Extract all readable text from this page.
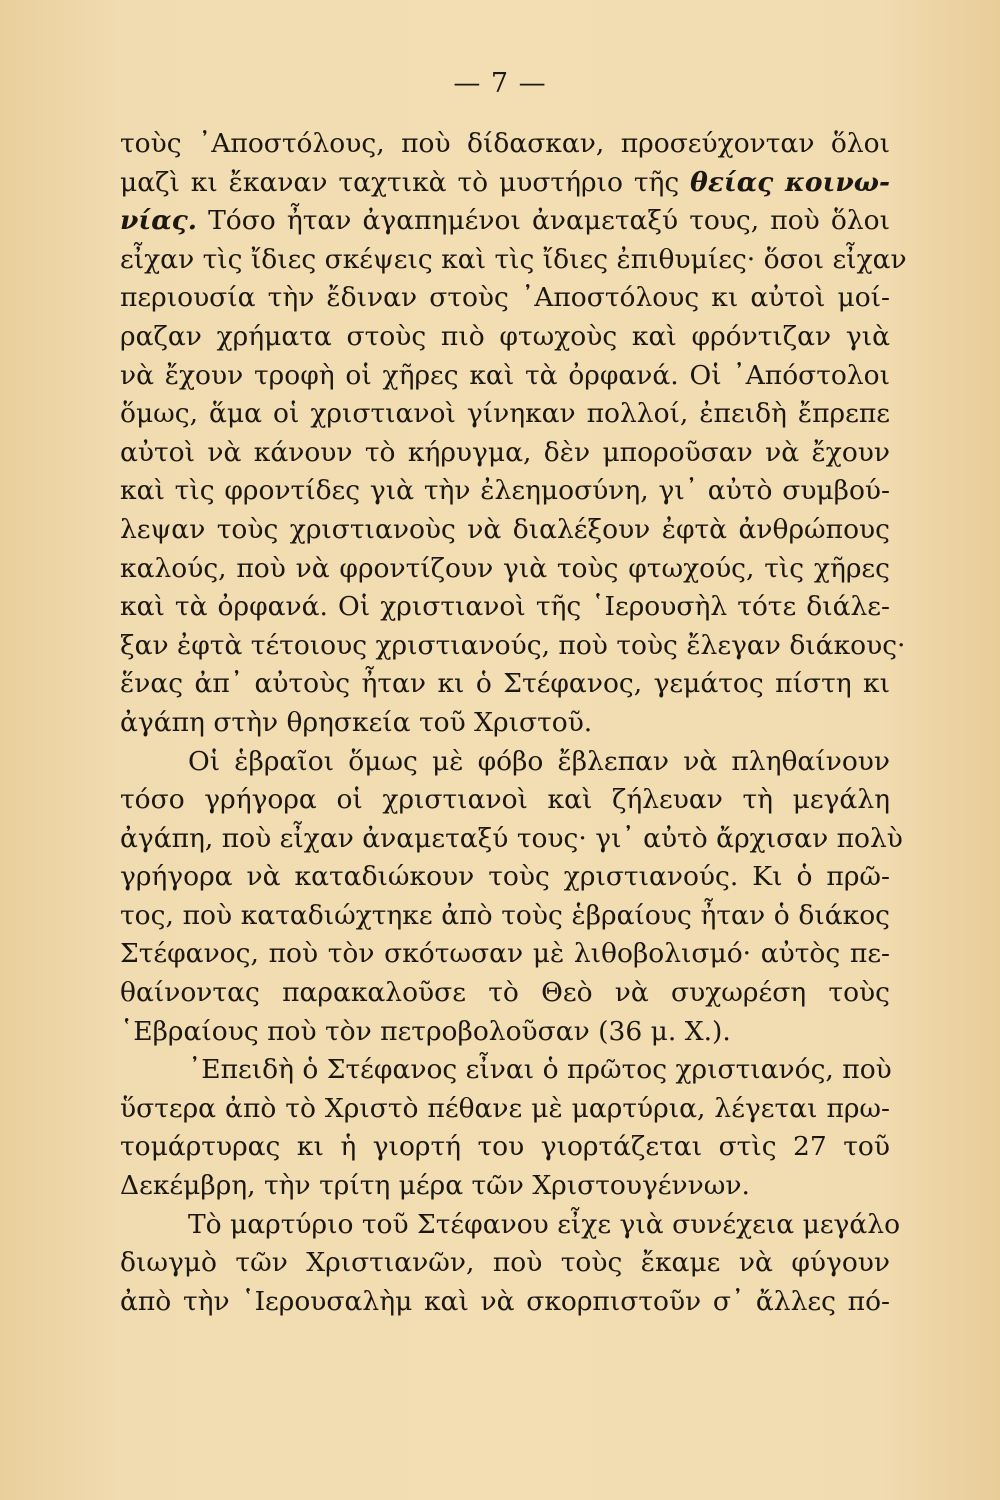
— 7 —
τοὺς ᾿Αποστόλους, ποὺ δίδασκαν, προσεύχονταν ὅλοι
μαζὶ κι ἔκαναν ταχτικὰ τὸ μυστήριο τῆς θείας κοινω-
νίας. Τόσο ἦταν ἀγαπημένοι ἀναμεταξύ τους, ποὺ ὅλοι
εἶχαν τὶς ἴδιες σκέψεις καὶ τὶς ἴδιες ἐπιθυμίες· ὅσοι εἶχαν
περιουσία τὴν ἔδιναν στοὺς ᾿Αποστόλους κι αὐτοὶ μοί-
ραζαν χρήματα στοὺς πιὸ φτωχοὺς καὶ φρόντιζαν γιὰ
νὰ ἔχουν τροφὴ οἱ χῆρες καὶ τὰ ὀρφανά. Οἱ ᾿Απόστολοι
ὅμως, ἅμα οἱ χριστιανοὶ γίνηκαν πολλοί, ἐπειδὴ ἔπρεπε
αὐτοὶ νὰ κάνουν τὸ κήρυγμα, δὲν μποροῦσαν νὰ ἔχουν
καὶ τὶς φροντίδες γιὰ τὴν ἐλεημοσύνη, γι᾿ αὐτὸ συμβού-
λεψαν τοὺς χριστιανοὺς νὰ διαλέξουν ἐφτὰ ἀνθρώπους
καλούς, ποὺ νὰ φροντίζουν γιὰ τοὺς φτωχούς, τὶς χῆρες
καὶ τὰ ὀρφανά. Οἱ χριστιανοὶ τῆς ῾Ιερουσὴλ τότε διάλε-
ξαν ἐφτὰ τέτοιους χριστιανούς, ποὺ τοὺς ἔλεγαν διάκους·
ἕνας ἀπ᾿ αὐτοὺς ἦταν κι ὁ Στέφανος, γεμάτος πίστη κι
ἀγάπη στὴν θρησκεία τοῦ Χριστοῦ.
Οἱ ἑβραῖοι ὅμως μὲ φόβο ἔβλεπαν νὰ πληθαίνουν
τόσο γρήγορα οἱ χριστιανοὶ καὶ ζήλευαν τὴ μεγάλη
ἀγάπη, ποὺ εἶχαν ἀναμεταξύ τους· γι᾿ αὐτὸ ἄρχισαν πολὺ
γρήγορα νὰ καταδιώκουν τοὺς χριστιανούς. Κι ὁ πρῶ-
τος, ποὺ καταδιώχτηκε ἀπὸ τοὺς ἑβραίους ἦταν ὁ διάκος
Στέφανος, ποὺ τὸν σκότωσαν μὲ λιθοβολισμό· αὐτὸς πε-
θαίνοντας παρακαλοῦσε τὸ Θεὸ νὰ συχωρέση τοὺς
῾Εβραίους ποὺ τὸν πετροβολοῦσαν (36 μ. Χ.).
᾿Επειδὴ ὁ Στέφανος εἶναι ὁ πρῶτος χριστιανός, ποὺ
ὕστερα ἀπὸ τὸ Χριστὸ πέθανε μὲ μαρτύρια, λέγεται πρω-
τομάρτυρας κι ἡ γιορτή του γιορτάζεται στὶς 27 τοῦ
Δεκέμβρη, τὴν τρίτη μέρα τῶν Χριστουγέννων.
Τὸ μαρτύριο τοῦ Στέφανου εἶχε γιὰ συνέχεια μεγάλο
διωγμὸ τῶν Χριστιανῶν, ποὺ τοὺς ἔκαμε νὰ φύγουν
ἀπὸ τὴν ῾Ιερουσαλὴμ καὶ νὰ σκορπιστοῦν σ᾿ ἄλλες πό-
